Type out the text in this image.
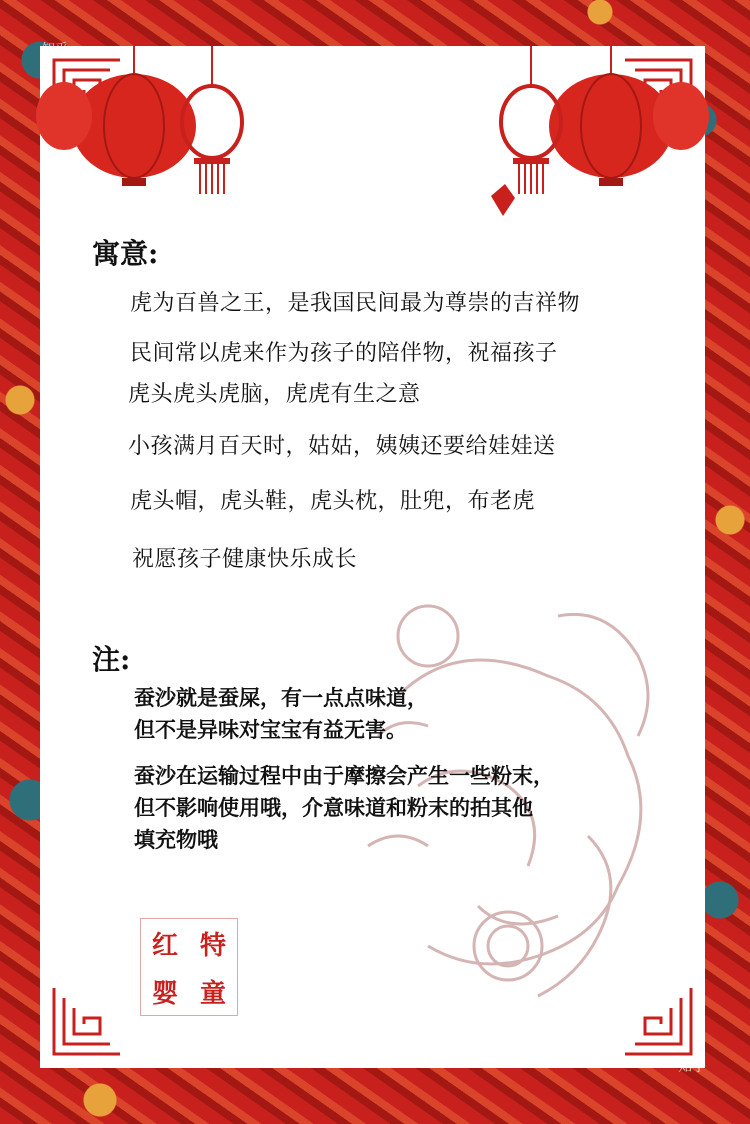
寓意:
虎为百兽之王，是我国民间最为尊崇的吉祥物
民间常以虎来作为孩子的陪伴物，祝福孩子
虎头虎头虎脑，虎虎有生之意
小孩满月百天时，姑姑，姨姨还要给娃娃送
虎头帽，虎头鞋，虎头枕，肚兜，布老虎
祝愿孩子健康快乐成长
注:
蚕沙就是蚕屎，有一点点味道，
但不是异味对宝宝有益无害。
蚕沙在运输过程中由于摩擦会产生一些粉末，
但不影响使用哦，介意味道和粉末的拍其他
填充物哦
红 特
婴 童
知乎
